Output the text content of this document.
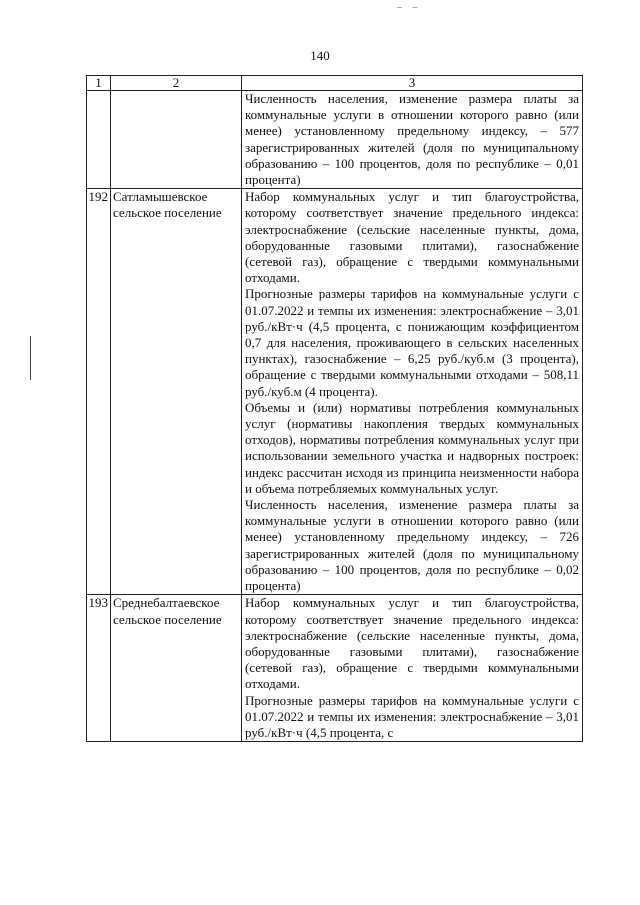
– –
140
1	2	3

		Численность населения, изменение размера платы за коммунальные услуги в отношении которого равно (или менее) установленному предельному индексу, – 577 зарегистрированных жителей (доля по муниципальному образованию – 100 процентов, доля по республике – 0,01 процента)

192	Сатламышевское сельское поселение	Набор коммунальных услуг и тип благоустройства, которому соответствует значение предельного индекса: электроснабжение (сельские населенные пункты, дома, оборудованные газовыми плитами), газоснабжение (сетевой газ), обращение с твердыми коммунальными отходами.

Прогнозные размеры тарифов на коммунальные услуги с 01.07.2022 и темпы их изменения: электроснабжение – 3,01 руб./кВт·ч (4,5 процента, с понижающим коэффициентом 0,7 для населения, проживающего в сельских населенных пунктах), газоснабжение – 6,25 руб./куб.м (3 процента), обращение с твердыми коммунальными отходами – 508,11 руб./куб.м (4 процента).

Объемы и (или) нормативы потребления коммунальных услуг (нормативы накопления твердых коммунальных отходов), нормативы потребления коммунальных услуг при использовании земельного участка и надворных построек: индекс рассчитан исходя из принципа неизменности набора и объема потребляемых коммунальных услуг.

Численность населения, изменение размера платы за коммунальные услуги в отношении которого равно (или менее) установленному предельному индексу, – 726 зарегистрированных жителей (доля по муниципальному образованию – 100 процентов, доля по республике – 0,02 процента)

193	Среднебалтаевское сельское поселение	Набор коммунальных услуг и тип благоустройства, которому соответствует значение предельного индекса: электроснабжение (сельские населенные пункты, дома, оборудованные газовыми плитами), газоснабжение (сетевой газ), обращение с твердыми коммунальными отходами.

Прогнозные размеры тарифов на коммунальные услуги с 01.07.2022 и темпы их изменения: электроснабжение – 3,01 руб./кВт·ч (4,5 процента, с
